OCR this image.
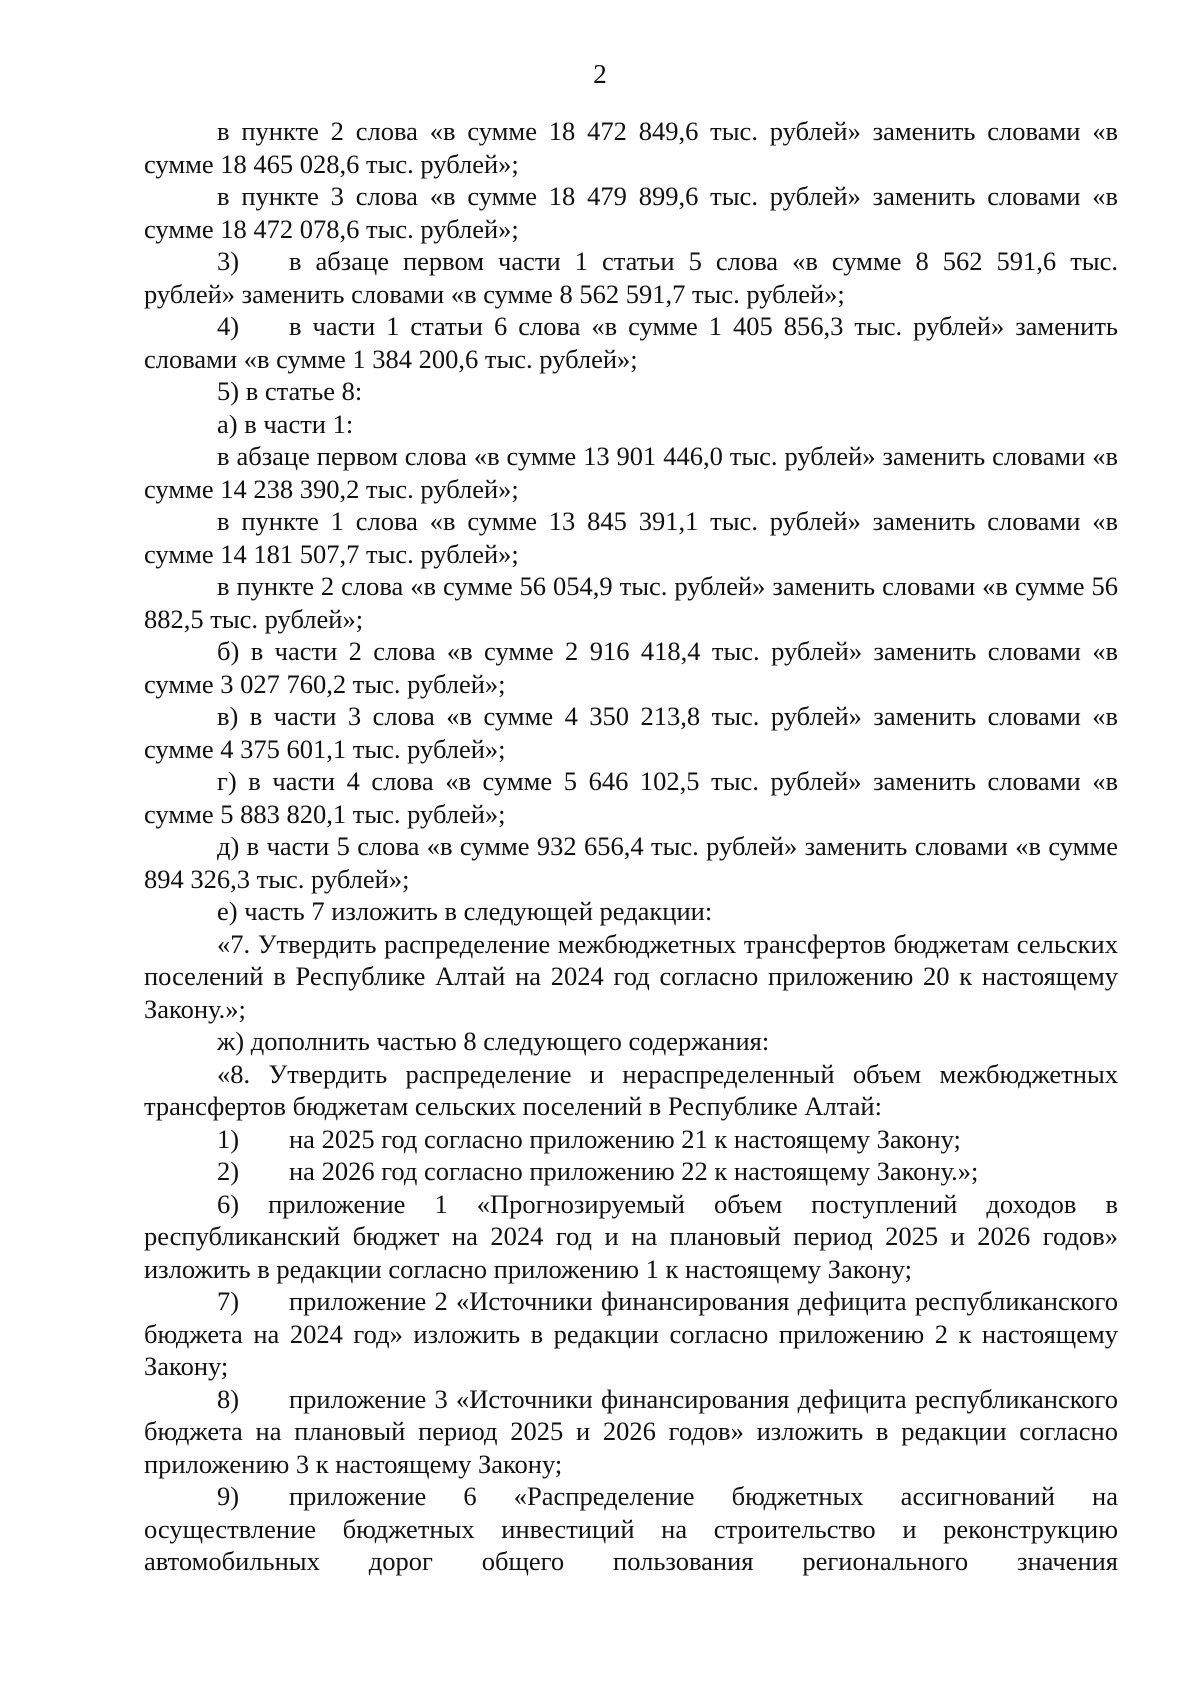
2

в пункте 2 слова «в сумме 18 472 849,6 тыс. рублей» заменить словами «в сумме 18 465 028,6 тыс. рублей»;

в пункте 3 слова «в сумме 18 479 899,6 тыс. рублей» заменить словами «в сумме 18 472 078,6 тыс. рублей»;

3) в абзаце первом части 1 статьи 5 слова «в сумме 8 562 591,6 тыс. рублей» заменить словами «в сумме 8 562 591,7 тыс. рублей»;

4) в части 1 статьи 6 слова «в сумме 1 405 856,3 тыс. рублей» заменить словами «в сумме 1 384 200,6 тыс. рублей»;

5) в статье 8:

а) в части 1:

в абзаце первом слова «в сумме 13 901 446,0 тыс. рублей» заменить словами «в сумме 14 238 390,2 тыс. рублей»;

в пункте 1 слова «в сумме 13 845 391,1 тыс. рублей» заменить словами «в сумме 14 181 507,7 тыс. рублей»;

в пункте 2 слова «в сумме 56 054,9 тыс. рублей» заменить словами «в сумме 56 882,5 тыс. рублей»;

б) в части 2 слова «в сумме 2 916 418,4 тыс. рублей» заменить словами «в сумме 3 027 760,2 тыс. рублей»;

в) в части 3 слова «в сумме 4 350 213,8 тыс. рублей» заменить словами «в сумме 4 375 601,1 тыс. рублей»;

г) в части 4 слова «в сумме 5 646 102,5 тыс. рублей» заменить словами «в сумме 5 883 820,1 тыс. рублей»;

д) в части 5 слова «в сумме 932 656,4 тыс. рублей» заменить словами «в сумме 894 326,3 тыс. рублей»;

е) часть 7 изложить в следующей редакции:

«7. Утвердить распределение межбюджетных трансфертов бюджетам сельских поселений в Республике Алтай на 2024 год согласно приложению 20 к настоящему Закону.»;

ж) дополнить частью 8 следующего содержания:

«8. Утвердить распределение и нераспределенный объем межбюджетных трансфертов бюджетам сельских поселений в Республике Алтай:

1) на 2025 год согласно приложению 21 к настоящему Закону;

2) на 2026 год согласно приложению 22 к настоящему Закону.»;

6) приложение 1 «Прогнозируемый объем поступлений доходов в республиканский бюджет на 2024 год и на плановый период 2025 и 2026 годов» изложить в редакции согласно приложению 1 к настоящему Закону;

7) приложение 2 «Источники финансирования дефицита республиканского бюджета на 2024 год» изложить в редакции согласно приложению 2 к настоящему Закону;

8) приложение 3 «Источники финансирования дефицита республиканского бюджета на плановый период 2025 и 2026 годов» изложить в редакции согласно приложению 3 к настоящему Закону;

9) приложение 6 «Распределение бюджетных ассигнований на осуществление бюджетных инвестиций на строительство и реконструкцию автомобильных дорог общего пользования регионального значения
